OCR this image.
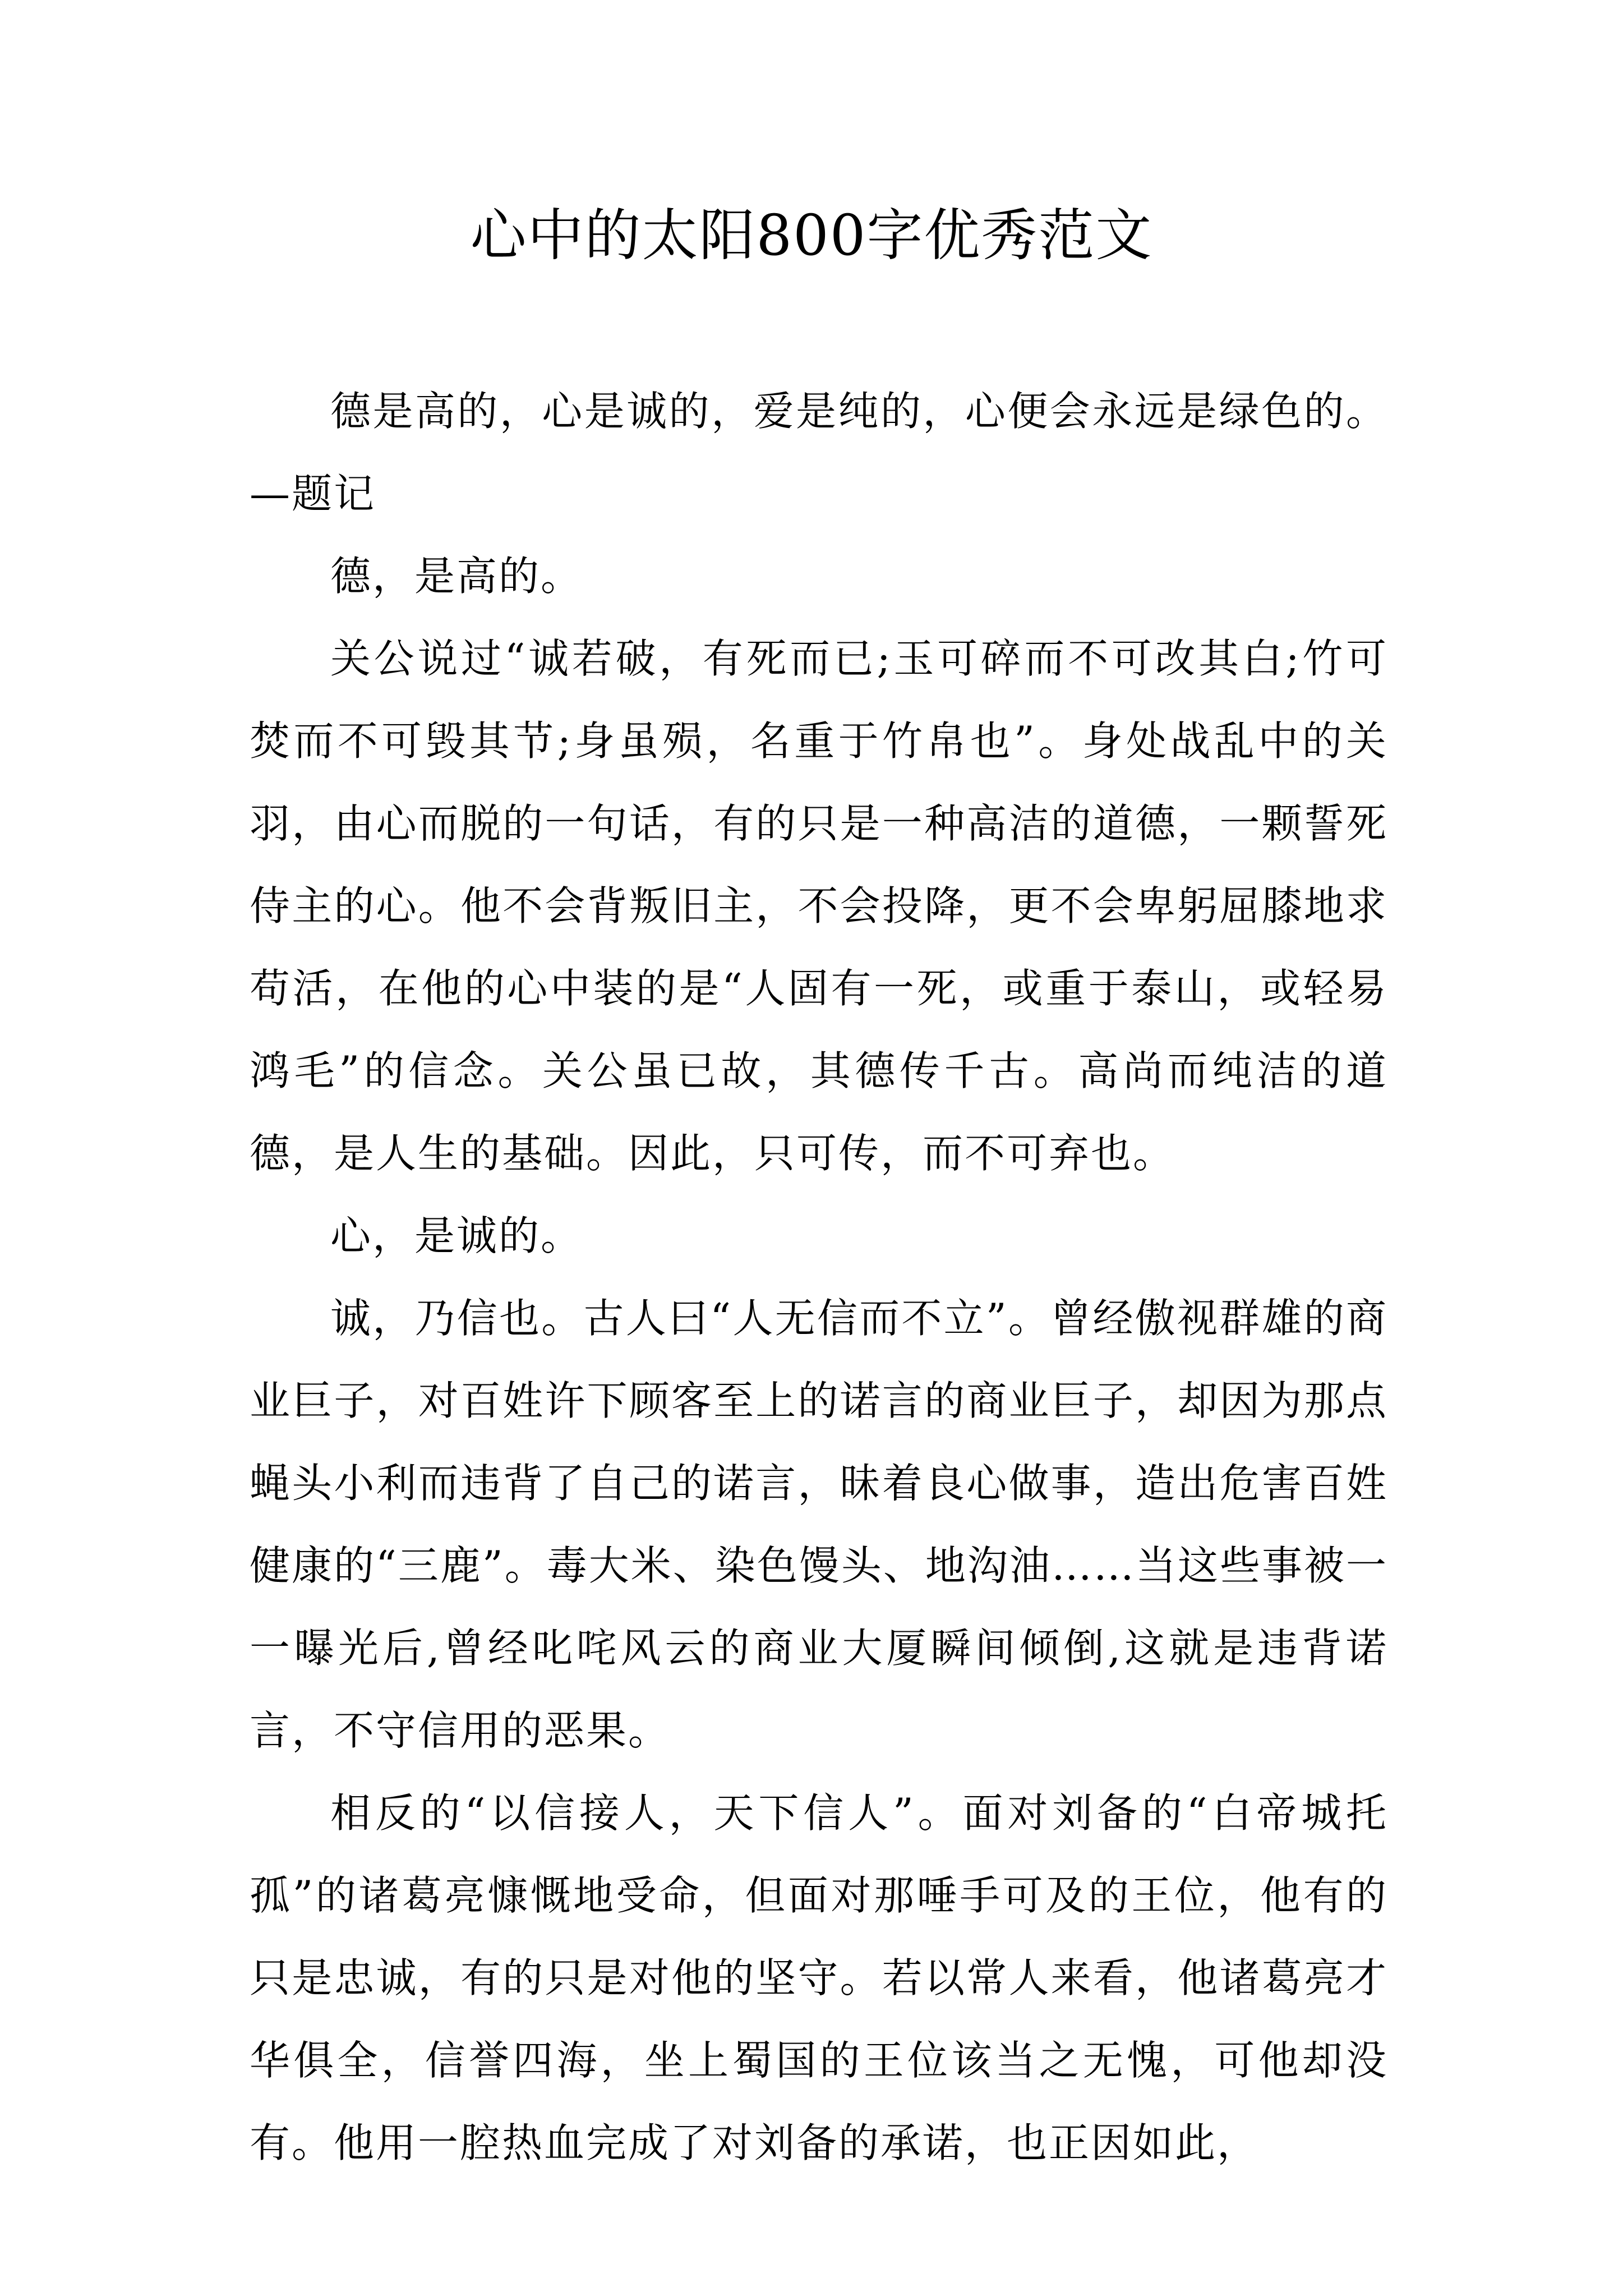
心中的太阳800字优秀范文

德是高的，心是诚的，爱是纯的，心便会永远是绿色的。—题记

德，是高的。

关公说过“诚若破，有死而已;玉可碎而不可改其白;竹可焚而不可毁其节;身虽殒，名重于竹帛也”。身处战乱中的关羽，由心而脱的一句话，有的只是一种高洁的道德，一颗誓死侍主的心。他不会背叛旧主，不会投降，更不会卑躬屈膝地求苟活，在他的心中装的是“人固有一死，或重于泰山，或轻易鸿毛”的信念。关公虽已故，其德传千古。高尚而纯洁的道德，是人生的基础。因此，只可传，而不可弃也。

心，是诚的。

诚，乃信也。古人曰“人无信而不立”。曾经傲视群雄的商业巨子，对百姓许下顾客至上的诺言的商业巨子，却因为那点蝇头小利而违背了自己的诺言，昧着良心做事，造出危害百姓健康的“三鹿”。毒大米、染色馒头、地沟油……当这些事被一一曝光后,曾经叱咤风云的商业大厦瞬间倾倒,这就是违背诺言，不守信用的恶果。

相反的“以信接人，天下信人”。面对刘备的“白帝城托孤”的诸葛亮慷慨地受命，但面对那唾手可及的王位，他有的只是忠诚，有的只是对他的坚守。若以常人来看，他诸葛亮才华俱全，信誉四海，坐上蜀国的王位该当之无愧，可他却没有。他用一腔热血完成了对刘备的承诺，也正因如此，
